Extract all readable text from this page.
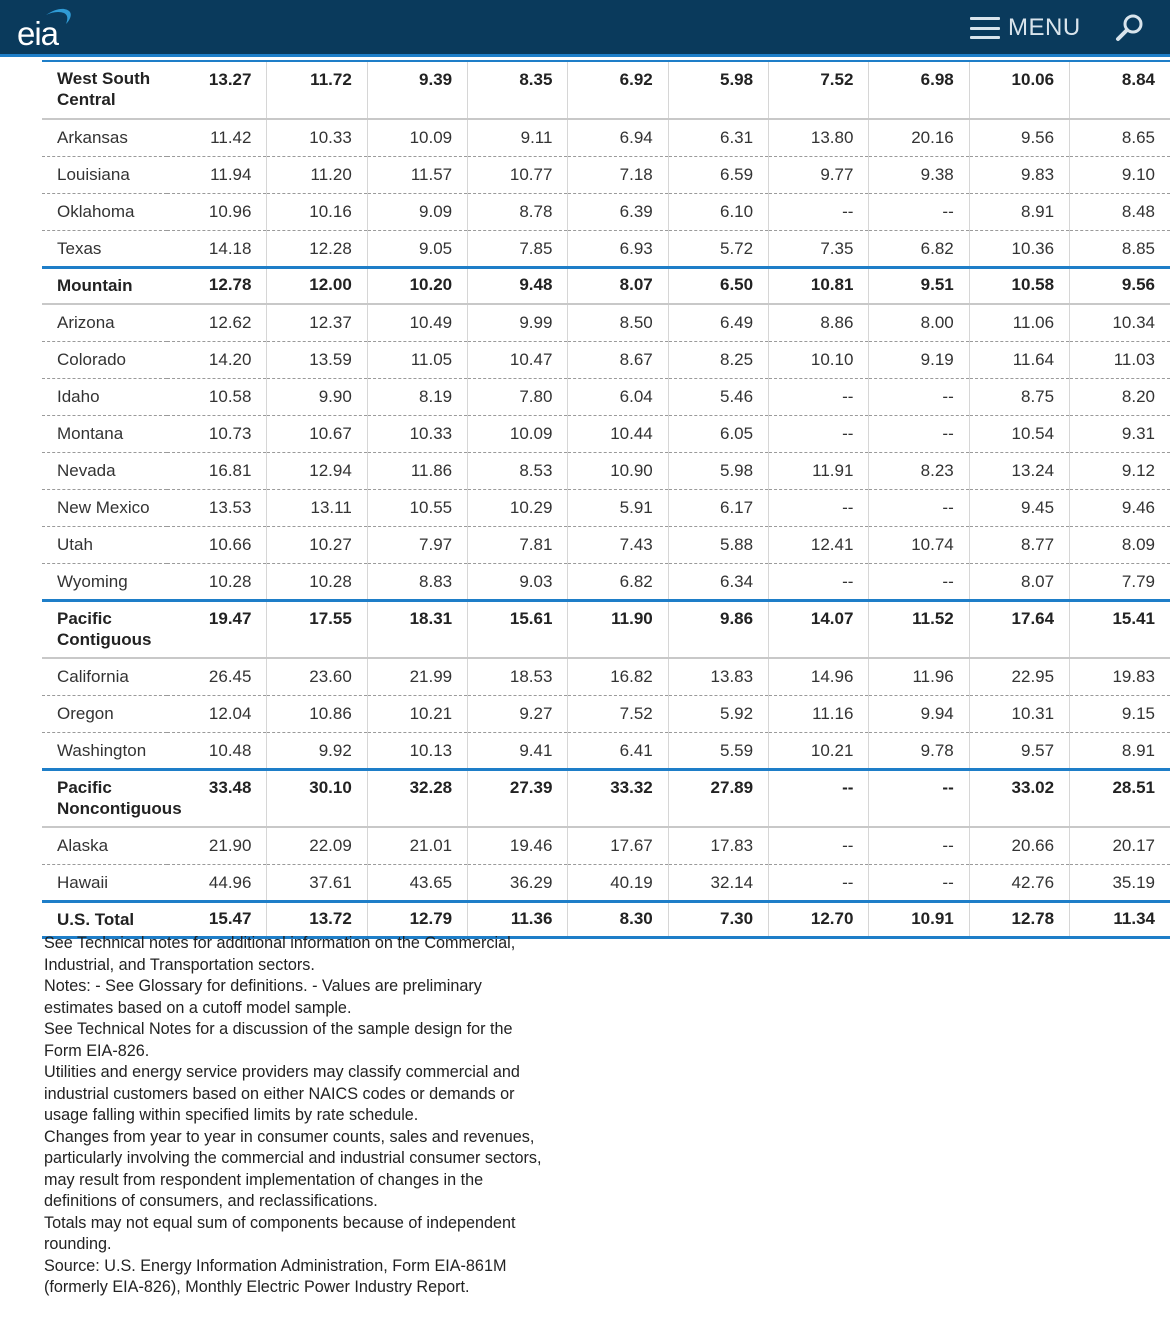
eia	MENU
West South Central	13.27	11.72	9.39	8.35	6.92	5.98	7.52	6.98	10.06	8.84
Arkansas	11.42	10.33	10.09	9.11	6.94	6.31	13.80	20.16	9.56	8.65
Louisiana	11.94	11.20	11.57	10.77	7.18	6.59	9.77	9.38	9.83	9.10
Oklahoma	10.96	10.16	9.09	8.78	6.39	6.10	--	--	8.91	8.48
Texas	14.18	12.28	9.05	7.85	6.93	5.72	7.35	6.82	10.36	8.85
Mountain	12.78	12.00	10.20	9.48	8.07	6.50	10.81	9.51	10.58	9.56
Arizona	12.62	12.37	10.49	9.99	8.50	6.49	8.86	8.00	11.06	10.34
Colorado	14.20	13.59	11.05	10.47	8.67	8.25	10.10	9.19	11.64	11.03
Idaho	10.58	9.90	8.19	7.80	6.04	5.46	--	--	8.75	8.20
Montana	10.73	10.67	10.33	10.09	10.44	6.05	--	--	10.54	9.31
Nevada	16.81	12.94	11.86	8.53	10.90	5.98	11.91	8.23	13.24	9.12
New Mexico	13.53	13.11	10.55	10.29	5.91	6.17	--	--	9.45	9.46
Utah	10.66	10.27	7.97	7.81	7.43	5.88	12.41	10.74	8.77	8.09
Wyoming	10.28	10.28	8.83	9.03	6.82	6.34	--	--	8.07	7.79
Pacific Contiguous	19.47	17.55	18.31	15.61	11.90	9.86	14.07	11.52	17.64	15.41
California	26.45	23.60	21.99	18.53	16.82	13.83	14.96	11.96	22.95	19.83
Oregon	12.04	10.86	10.21	9.27	7.52	5.92	11.16	9.94	10.31	9.15
Washington	10.48	9.92	10.13	9.41	6.41	5.59	10.21	9.78	9.57	8.91
Pacific Noncontiguous	33.48	30.10	32.28	27.39	33.32	27.89	--	--	33.02	28.51
Alaska	21.90	22.09	21.01	19.46	17.67	17.83	--	--	20.66	20.17
Hawaii	44.96	37.61	43.65	36.29	40.19	32.14	--	--	42.76	35.19
U.S. Total	15.47	13.72	12.79	11.36	8.30	7.30	12.70	10.91	12.78	11.34

See Technical notes for additional information on the Commercial, Industrial, and Transportation sectors.

Notes: - See Glossary for definitions. - Values are preliminary estimates based on a cutoff model sample.

See Technical Notes for a discussion of the sample design for the Form EIA-826.

Utilities and energy service providers may classify commercial and industrial customers based on either NAICS codes or demands or usage falling within specified limits by rate schedule.

Changes from year to year in consumer counts, sales and revenues, particularly involving the commercial and industrial consumer sectors, may result from respondent implementation of changes in the definitions of consumers, and reclassifications.

Totals may not equal sum of components because of independent rounding.

Source: U.S. Energy Information Administration, Form EIA-861M (formerly EIA-826), Monthly Electric Power Industry Report.
